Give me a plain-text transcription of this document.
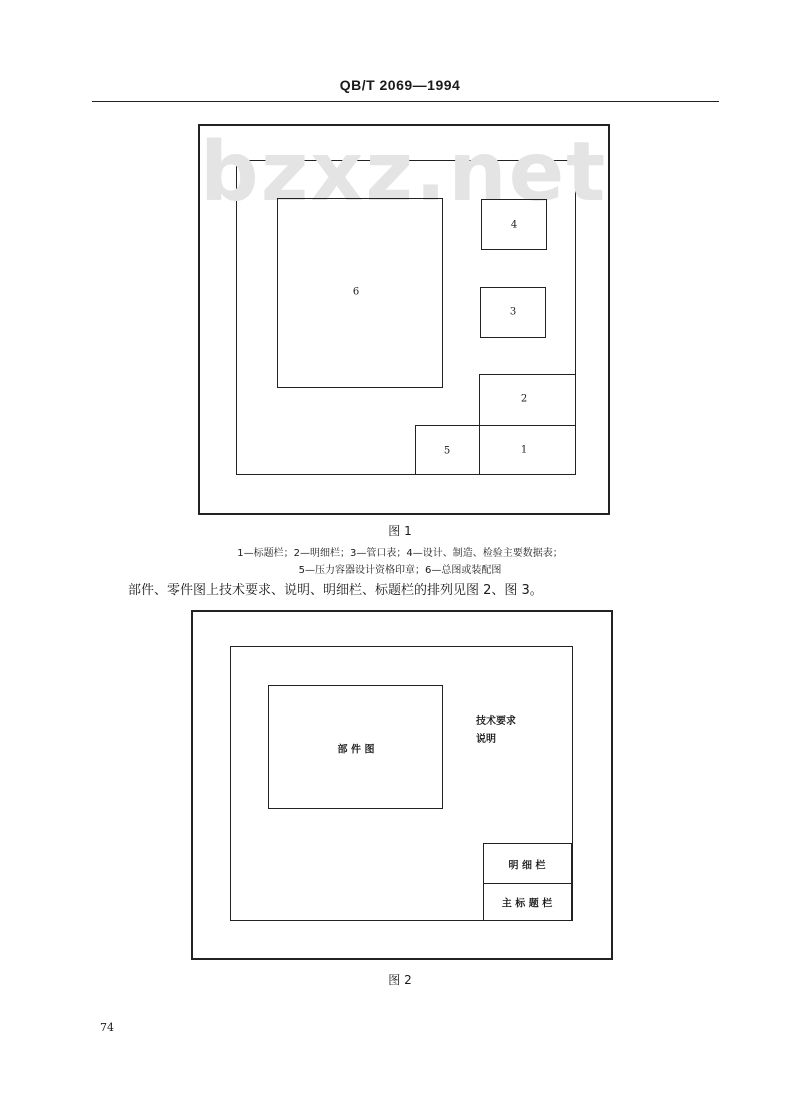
QB/T 2069—1994
bzxz.net
6
4
3
2
1
5
图 1
1—标题栏；2—明细栏；3—管口表；4—设计、制造、检验主要数据表；
5—压力容器设计资格印章；6—总图或装配图
部件、零件图上技术要求、说明、明细栏、标题栏的排列见图 2、图 3。
部 件 图
技术要求
说明
明 细 栏
主 标 题 栏
图 2
74
